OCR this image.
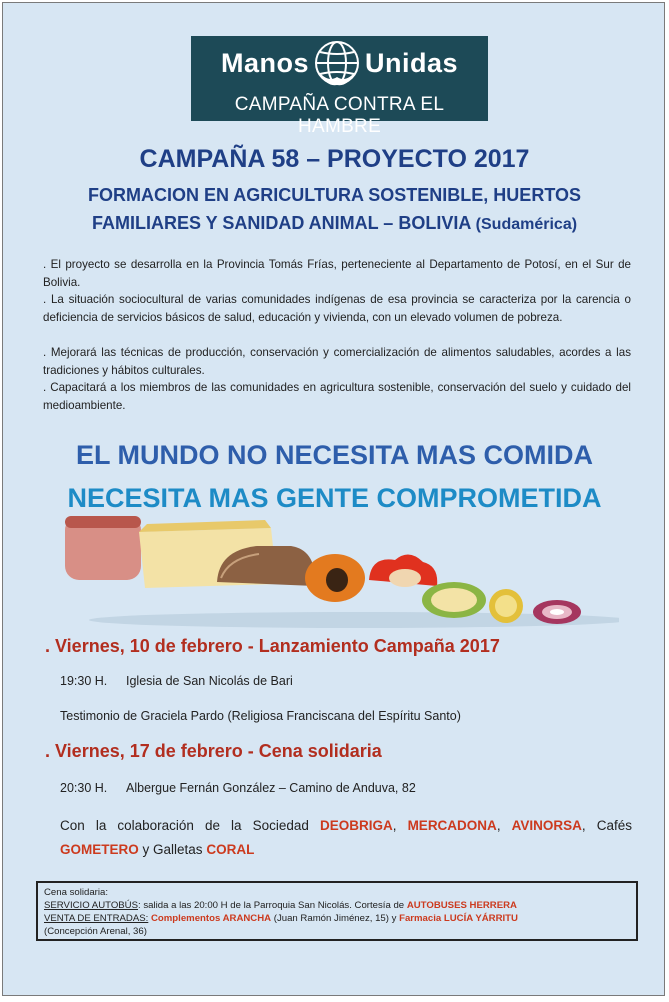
Manos Unidas
CAMPAÑA CONTRA EL HAMBRE
CAMPAÑA 58 – PROYECTO 2017
FORMACION EN AGRICULTURA SOSTENIBLE, HUERTOS
FAMILIARES Y SANIDAD ANIMAL – BOLIVIA (Sudamérica)
. El proyecto se desarrolla en la Provincia Tomás Frías, perteneciente al Departamento de Potosí, en el Sur de Bolivia.
. La situación sociocultural de varias comunidades indígenas de esa provincia se caracteriza por la carencia o deficiencia de servicios básicos de salud, educación y vivienda, con un elevado volumen de pobreza.
. Mejorará las técnicas de producción, conservación y comercialización de alimentos saludables, acordes a las tradiciones y hábitos culturales.
. Capacitará a los miembros de las comunidades en agricultura sostenible, conservación del suelo y cuidado del medioambiente.
EL MUNDO NO NECESITA MAS COMIDA
NECESITA MAS GENTE COMPROMETIDA
. Viernes, 10 de febrero - Lanzamiento Campaña 2017
19:30 H. Iglesia de San Nicolás de Bari
Testimonio de Graciela Pardo (Religiosa Franciscana del Espíritu Santo)
. Viernes, 17 de febrero - Cena solidaria
20:30 H. Albergue Fernán González – Camino de Anduva, 82
Con la colaboración de la Sociedad DEOBRIGA, MERCADONA, AVINORSA, Cafés GOMETERO y Galletas CORAL
Cena solidaria:
SERVICIO AUTOBÚS: salida a las 20:00 H de la Parroquia San Nicolás. Cortesía de AUTOBUSES HERRERA
VENTA DE ENTRADAS: Complementos ARANCHA (Juan Ramón Jiménez, 15) y Farmacia LUCÍA YÁRRITU
(Concepción Arenal, 36)
